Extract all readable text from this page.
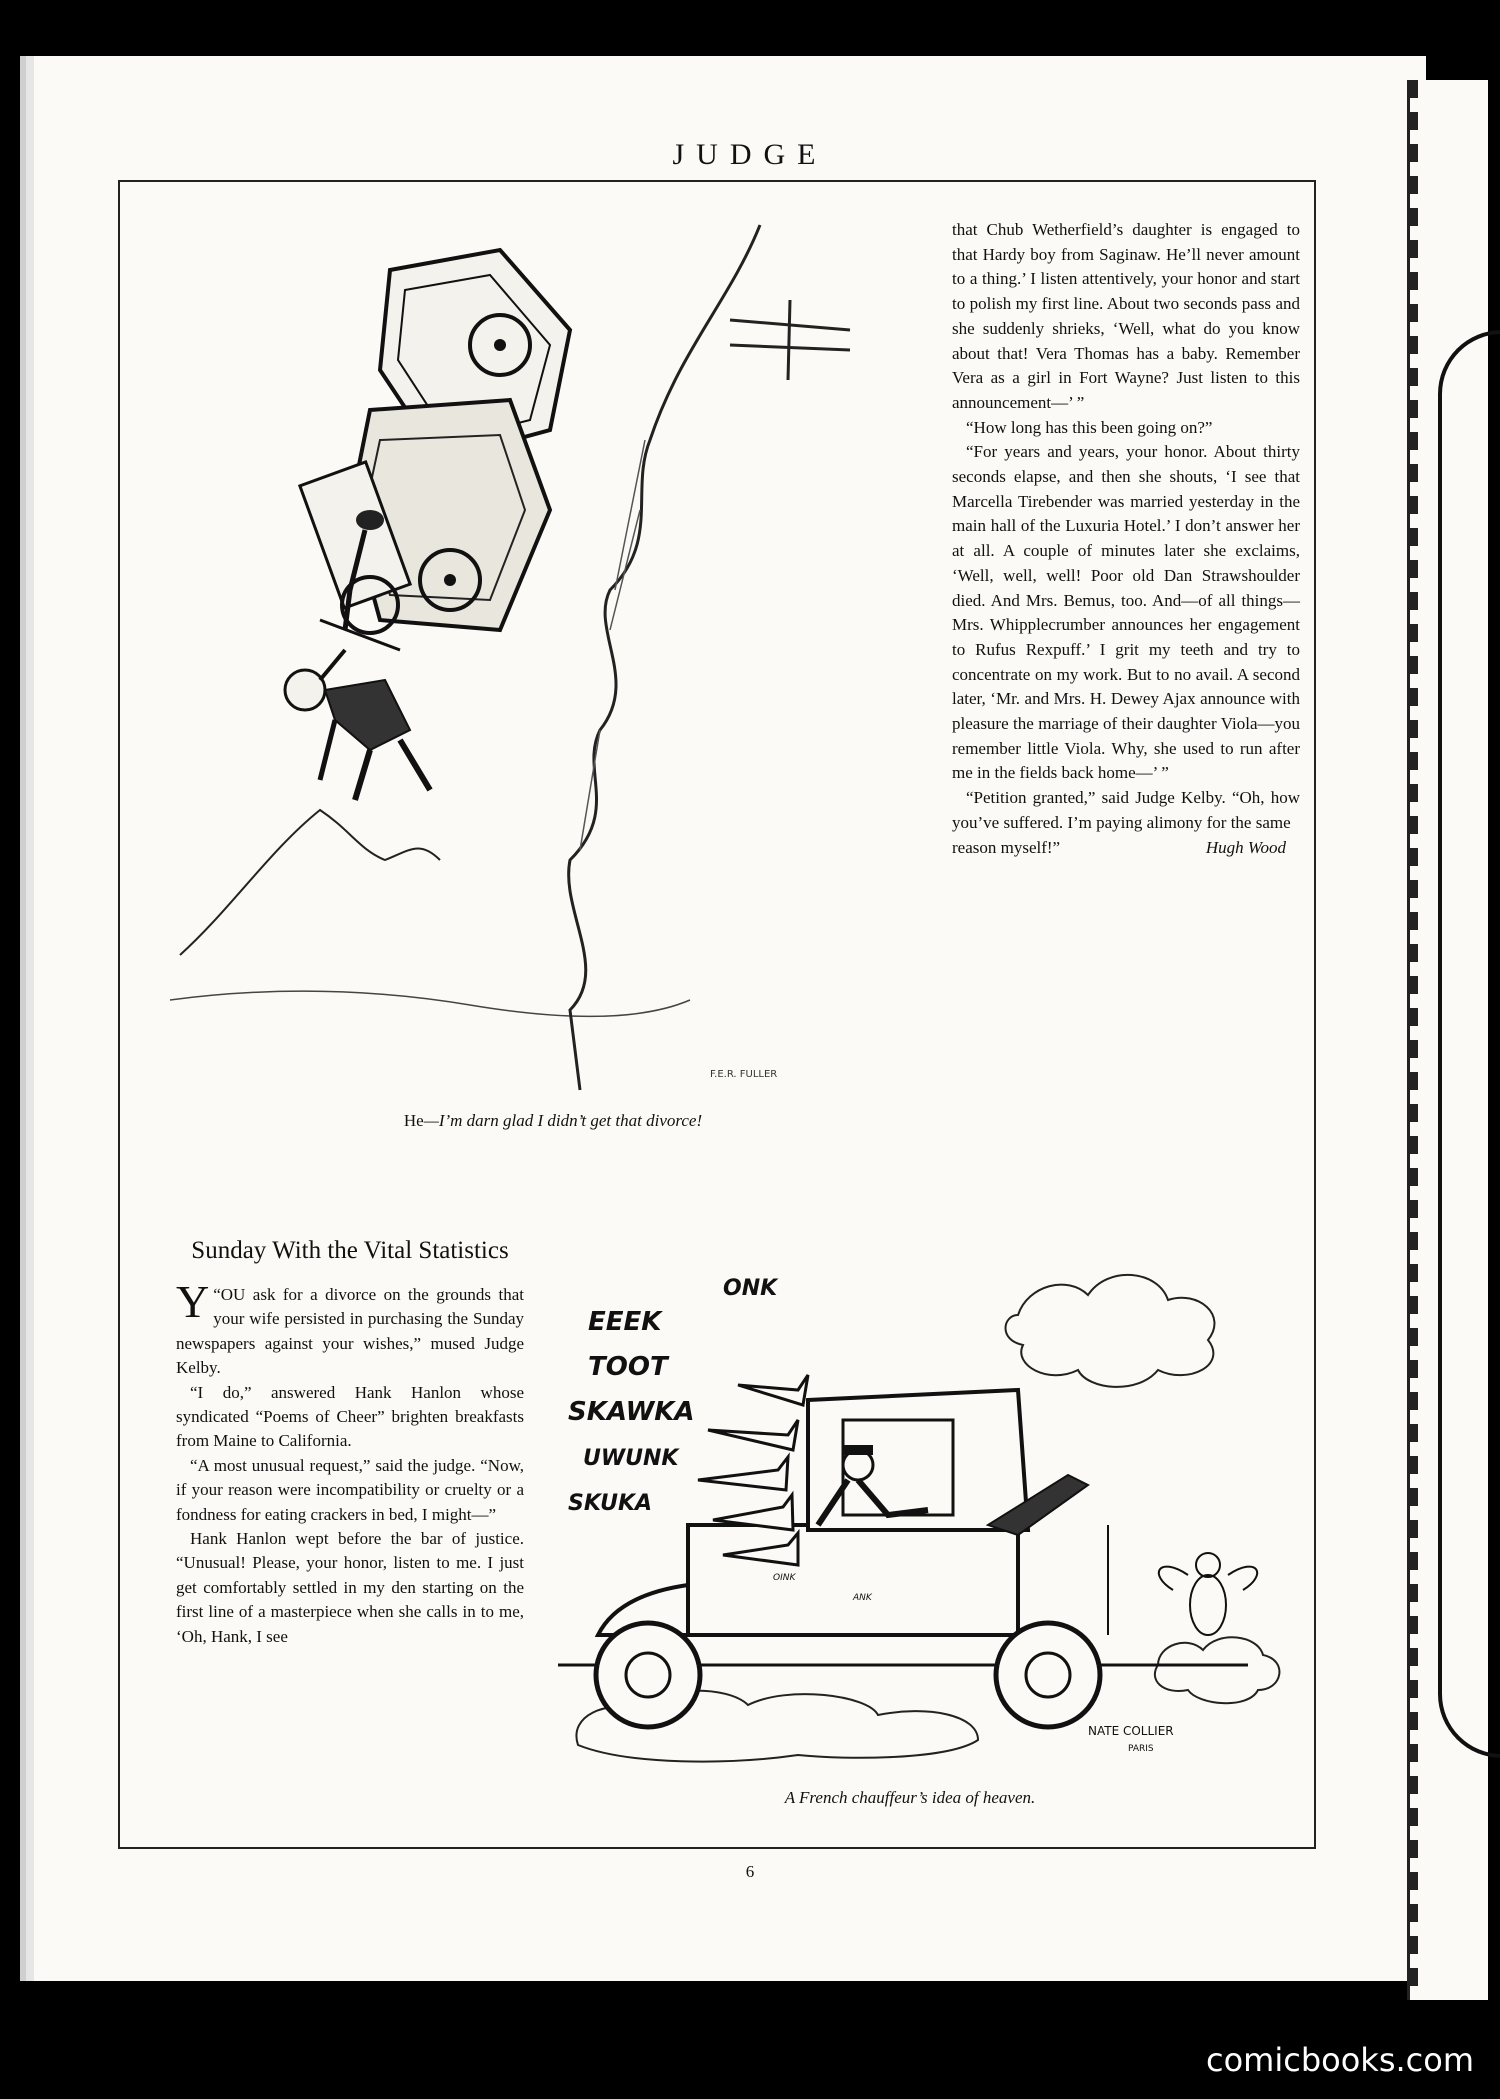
JUDGE
F.E.R. FULLER
He—I’m darn glad I didn’t get that divorce!

that Chub Wetherfield’s daughter is engaged to that Hardy boy from Saginaw. He’ll never amount to a thing.’ I listen attentively, your honor and start to polish my first line. About two seconds pass and she suddenly shrieks, ‘Well, what do you know about that! Vera Thomas has a baby. Remember Vera as a girl in Fort Wayne? Just listen to this announcement—’ ”

“How long has this been going on?”

“For years and years, your honor. About thirty seconds elapse, and then she shouts, ‘I see that Marcella Tirebender was married yesterday in the main hall of the Luxuria Hotel.’ I don’t answer her at all. A couple of minutes later she exclaims, ‘Well, well, well! Poor old Dan Strawshoulder died. And Mrs. Bemus, too. And—of all things—Mrs. Whipplecrumber announces her engagement to Rufus Rexpuff.’ I grit my teeth and try to concentrate on my work. But to no avail. A second later, ‘Mr. and Mrs. H. Dewey Ajax announce with pleasure the marriage of their daughter Viola—you remember little Viola. Why, she used to run after me in the fields back home—’ ”

“Petition granted,” said Judge Kelby. “Oh, how you’ve suffered. I’m paying alimony for the same

reason myself!”	Hugh Wood
Sunday With the Vital Statistics

“
Y OU ask for a divorce on the grounds that your wife persisted in purchasing the Sunday newspapers against your wishes,” mused Judge Kelby.

“I do,” answered Hank Hanlon whose syndicated “Poems of Cheer” brighten breakfasts from Maine to California.

“A most unusual request,” said the judge. “Now, if your reason were incompatibility or cruelty or a fondness for eating crackers in bed, I might—”

Hank Hanlon wept before the bar of justice. “Unusual! Please, your honor, listen to me. I just get comfortably settled in my den starting on the first line of a masterpiece when she calls in to me, ‘Oh, Hank, I see

ONK
EEEK
TOOT
SKAWKA
UWUNK
SKUKA
OINK
ANK
NATE COLLIER
PARIS
A French chauffeur’s idea of heaven.
6
comicbooks.com
